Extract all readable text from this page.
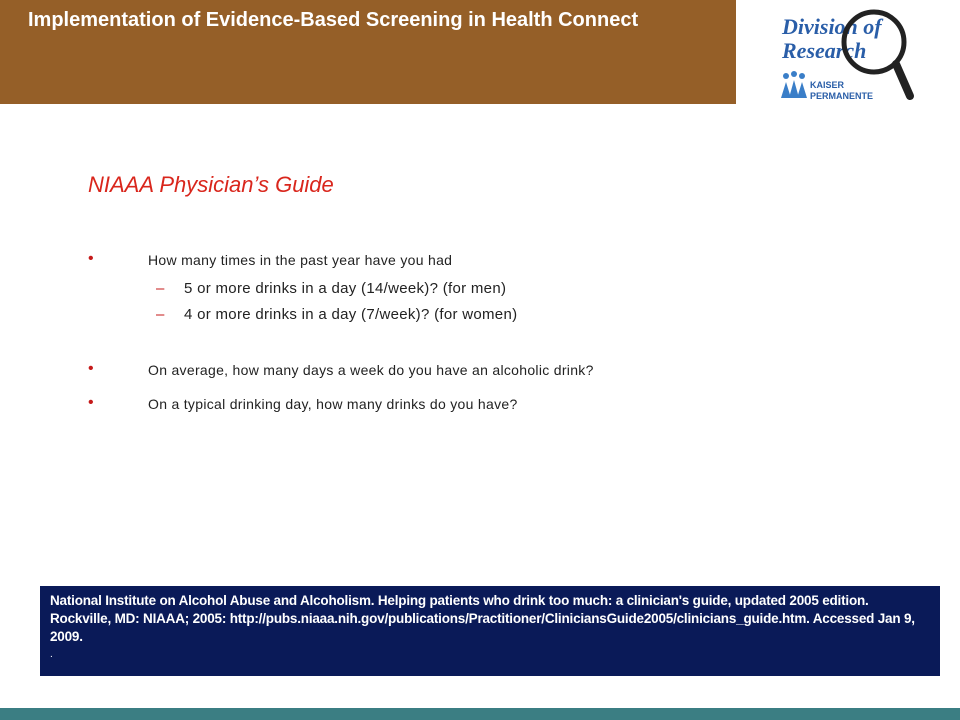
Implementation of Evidence-Based Screening in Health Connect	Division of
Research
KAISER
PERMANENTE
NIAAA Physician’s Guide
•	How many times in the past year have you had
– 5 or more drinks in a day (14/week)? (for men)
– 4 or more drinks in a day (7/week)? (for women)
•	On average, how many days a week do you have an alcoholic drink?
•	On a typical drinking day, how many drinks do you have?
National Institute on Alcohol Abuse and Alcoholism. Helping patients who drink too much: a clinician's guide, updated 2005 edition. Rockville, MD: NIAAA; 2005: http://pubs.niaaa.nih.gov/publications/Practitioner/CliniciansGuide2005/clinicians_guide.htm. Accessed Jan 9, 2009.
.
